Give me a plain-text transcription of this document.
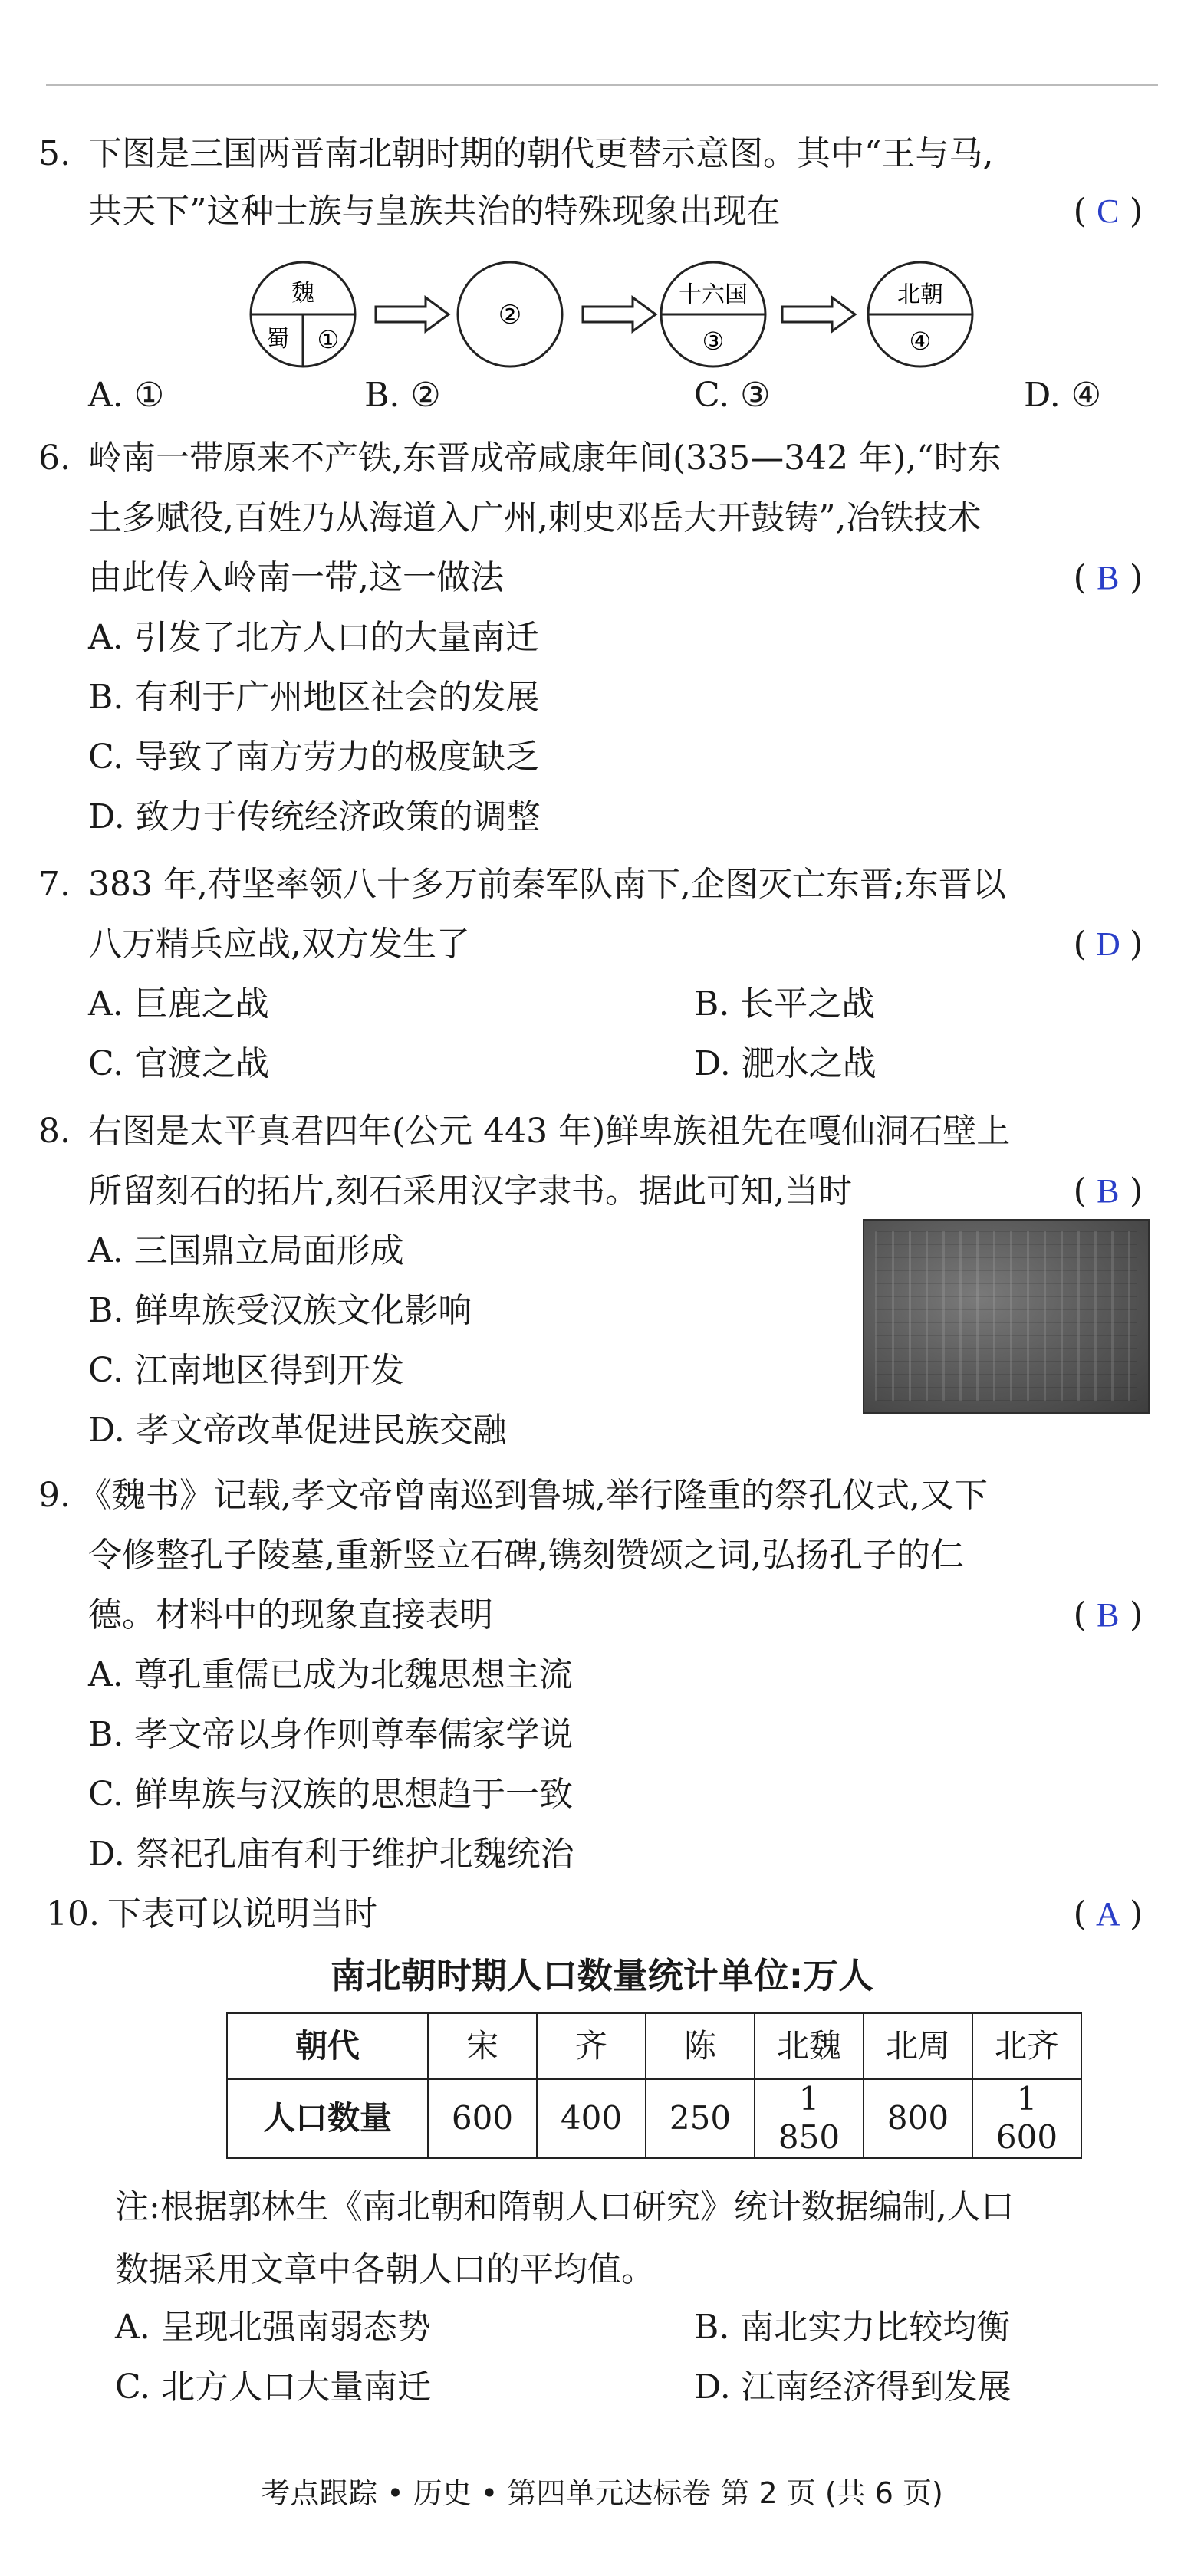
5. 下图是三国两晋南北朝时期的朝代更替示意图。其中“王与马,
共天下”这种士族与皇族共治的特殊现象出现在	( C )
魏
蜀 ①
②
十六国
③
北朝
④
A. ①	B. ②	C. ③	D. ④
6. 岭南一带原来不产铁,东晋成帝咸康年间(335—342 年),“时东
土多赋役,百姓乃从海道入广州,刺史邓岳大开鼓铸”,冶铁技术
由此传入岭南一带,这一做法	( B )
A. 引发了北方人口的大量南迁
B. 有利于广州地区社会的发展
C. 导致了南方劳力的极度缺乏
D. 致力于传统经济政策的调整
7. 383 年,苻坚率领八十多万前秦军队南下,企图灭亡东晋;东晋以
八万精兵应战,双方发生了	( D )
A. 巨鹿之战	B. 长平之战
C. 官渡之战	D. 淝水之战
8. 右图是太平真君四年(公元 443 年)鲜卑族祖先在嘎仙洞石壁上
所留刻石的拓片,刻石采用汉字隶书。据此可知,当时	( B )
A. 三国鼎立局面形成
B. 鲜卑族受汉族文化影响
C. 江南地区得到开发
D. 孝文帝改革促进民族交融
9. 《魏书》记载,孝文帝曾南巡到鲁城,举行隆重的祭孔仪式,又下
令修整孔子陵墓,重新竖立石碑,镌刻赞颂之词,弘扬孔子的仁
德。材料中的现象直接表明	( B )
A. 尊孔重儒已成为北魏思想主流
B. 孝文帝以身作则尊奉儒家学说
C. 鲜卑族与汉族的思想趋于一致
D. 祭祀孔庙有利于维护北魏统治
10. 下表可以说明当时	( A )
南北朝时期人口数量统计单位:万人
朝代	宋	齐	陈	北魏	北周	北齐
人口数量	600	400	250	1 850	800	1 600
注:根据郭林生《南北朝和隋朝人口研究》统计数据编制,人口
数据采用文章中各朝人口的平均值。
A. 呈现北强南弱态势	B. 南北实力比较均衡
C. 北方人口大量南迁	D. 江南经济得到发展
考点跟踪 • 历史 • 第四单元达标卷 第 2 页 (共 6 页)
